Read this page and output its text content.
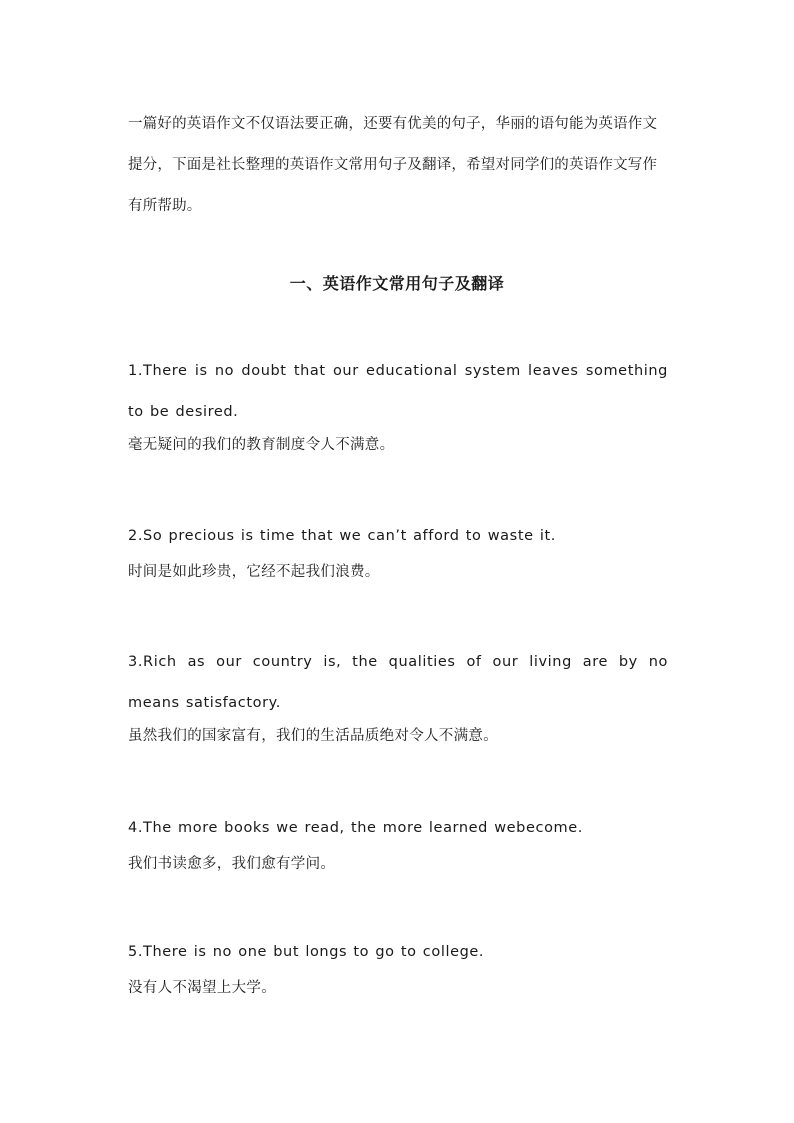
一篇好的英语作文不仅语法要正确，还要有优美的句子，华丽的语句能为英语作文提分，下面是社长整理的英语作文常用句子及翻译，希望对同学们的英语作文写作有所帮助。

一、英语作文常用句子及翻译

1.There is no doubt that our educational system leaves something to be desired.

毫无疑问的我们的教育制度令人不满意。

2.So precious is time that we can’t afford to waste it.

时间是如此珍贵，它经不起我们浪费。

3.Rich as our country is, the qualities of our living are by no means satisfactory.

虽然我们的国家富有，我们的生活品质绝对令人不满意。

4.The more books we read, the more learned webecome.

我们书读愈多，我们愈有学问。

5.There is no one but longs to go to college.

没有人不渴望上大学。
